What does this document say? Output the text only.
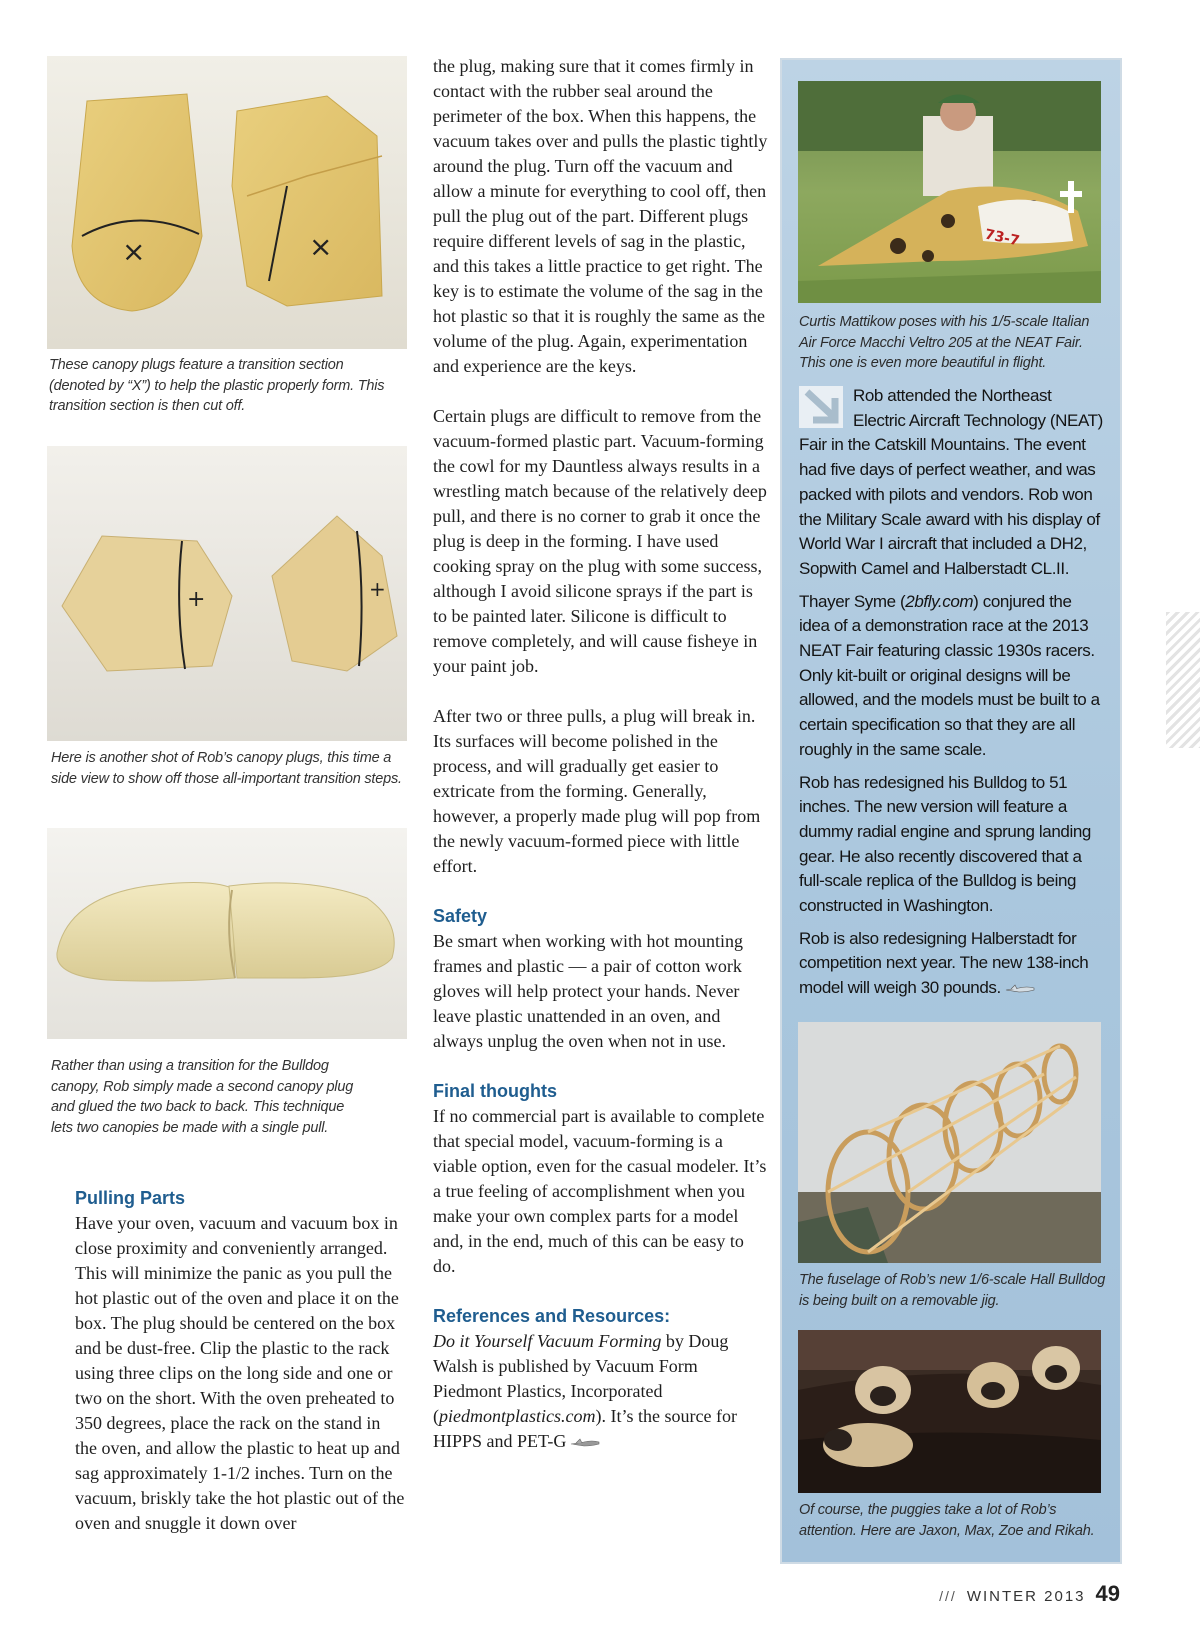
×	×
These canopy plugs feature a transition section (denoted by “X”) to help the plastic properly form. This transition section is then cut off.
+	+
Here is another shot of Rob’s canopy plugs, this time a side view to show off those all-important transition steps.
Rather than using a transition for the Bulldog canopy, Rob simply made a second canopy plug and glued the two back to back. This technique lets two canopies be made with a single pull.
Pulling Parts
Have your oven, vacuum and vacuum box in close proximity and conveniently arranged. This will minimize the panic as you pull the hot plastic out of the oven and place it on the box. The plug should be centered on the box and be dust-free. Clip the plastic to the rack using three clips on the long side and one or two on the short. With the oven preheated to 350 degrees, place the rack on the stand in the oven, and allow the plastic to heat up and sag approximately 1-1/2 inches. Turn on the vacuum, briskly take the hot plastic out of the oven and snuggle it down over

the plug, making sure that it comes firmly in contact with the rubber seal around the perimeter of the box. When this happens, the vacuum takes over and pulls the plastic tightly around the plug. Turn off the vacuum and allow a minute for everything to cool off, then pull the plug out of the part. Different plugs require different levels of sag in the plastic, and this takes a little practice to get right. The key is to estimate the volume of the sag in the hot plastic so that it is roughly the same as the volume of the plug. Again, experimentation and experience are the keys.

Certain plugs are difficult to remove from the vacuum-formed plastic part. Vacuum-forming the cowl for my Dauntless always results in a wrestling match because of the relatively deep pull, and there is no corner to grab it once the plug is deep in the forming. I have used cooking spray on the plug with some success, although I avoid silicone sprays if the part is to be painted later. Silicone is difficult to remove completely, and will cause fisheye in your paint job.

After two or three pulls, a plug will break in. Its surfaces will become polished in the process, and will gradually get easier to extricate from the forming. Generally, however, a properly made plug will pop from the newly vacuum-formed piece with little effort.

Safety

Be smart when working with hot mounting frames and plastic — a pair of cotton work gloves will help protect your hands. Never leave plastic unattended in an oven, and always unplug the oven when not in use.

Final thoughts

If no commercial part is available to complete that special model, vacuum-forming is a viable option, even for the casual modeler. It’s a true feeling of accomplishment when you make your own complex parts for a model and, in the end, much of this can be easy to do.

References and Resources:
Do it Yourself Vacuum Forming by Doug Walsh is published by Vacuum Form Piedmont Plastics, Incorporated (piedmontplastics.com). It’s the source for HIPPS and PET-G
73-7
Curtis Mattikow poses with his 1/5-scale Italian Air Force Macchi Veltro 205 at the NEAT Fair. This one is even more beautiful in flight.

Rob attended the Northeast Electric Aircraft Technology (NEAT) Fair in the Catskill Mountains. The event had five days of perfect weather, and was packed with pilots and vendors. Rob won the Military Scale award with his display of World War I aircraft that included a DH2, Sopwith Camel and Halberstadt CL.II.

Thayer Syme (2bfly.com) conjured the idea of a demonstration race at the 2013 NEAT Fair featuring classic 1930s racers. Only kit-built or original designs will be allowed, and the models must be built to a certain specification so that they are all roughly in the same scale.

Rob has redesigned his Bulldog to 51 inches. The new version will feature a dummy radial engine and sprung landing gear. He also recently discovered that a full-scale replica of the Bulldog is being constructed in Washington.

Rob is also redesigning Halberstadt for competition next year. The new 138-inch model will weigh 30 pounds.

The fuselage of Rob’s new 1/6-scale Hall Bulldog is being built on a removable jig.
Of course, the puggies take a lot of Rob’s attention. Here are Jaxon, Max, Zoe and Rikah.
/// WINTER 2013 49
